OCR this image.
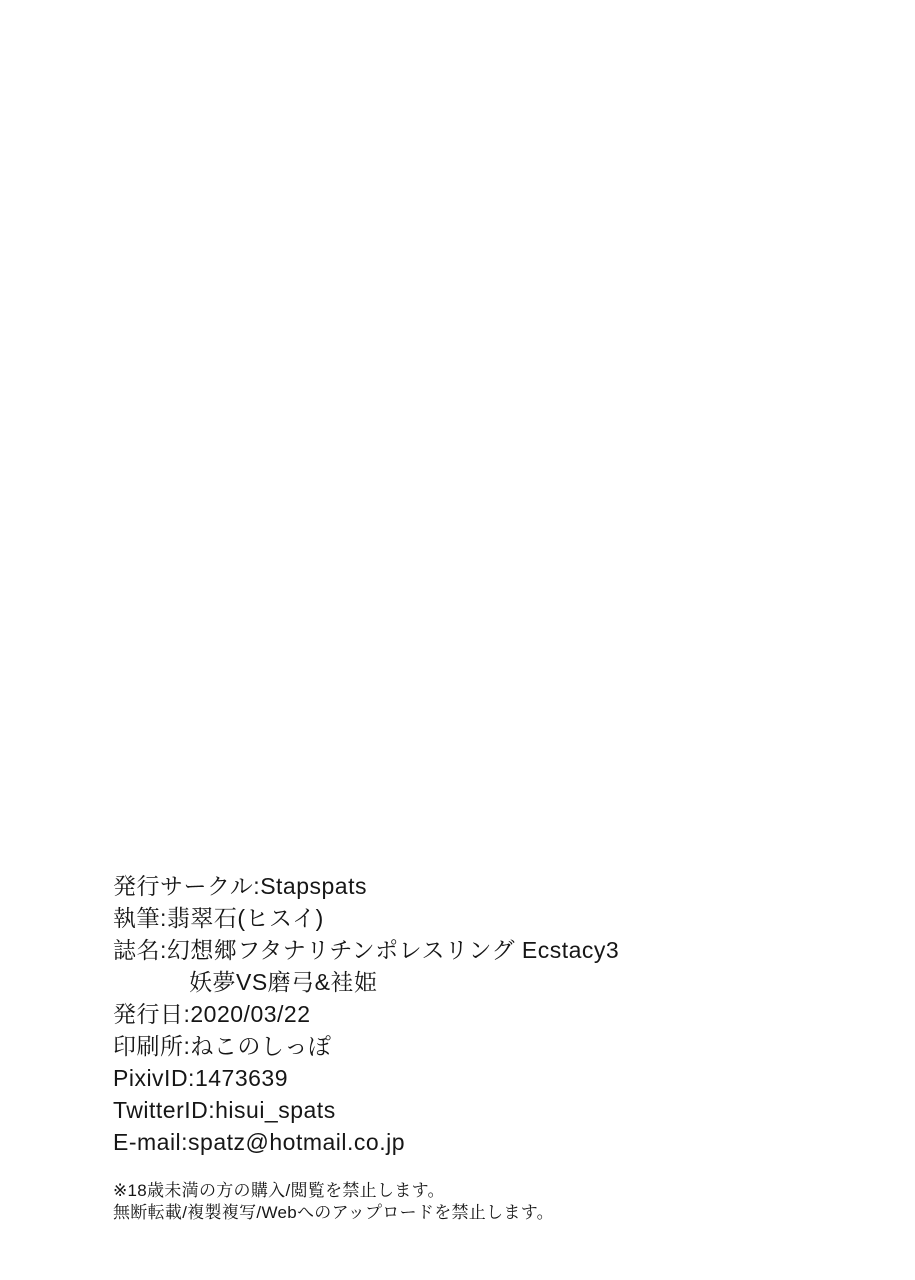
発行サークル:Stapspats
執筆:翡翠石(ヒスイ)
誌名:幻想郷フタナリチンポレスリング Ecstacy3
妖夢VS磨弓&袿姫
発行日:2020/03/22
印刷所:ねこのしっぽ
PixivID:1473639
TwitterID:hisui_spats
E-mail:spatz@hotmail.co.jp
※18歳未満の方の購入/閲覧を禁止します。
無断転載/複製複写/Webへのアップロードを禁止します。
